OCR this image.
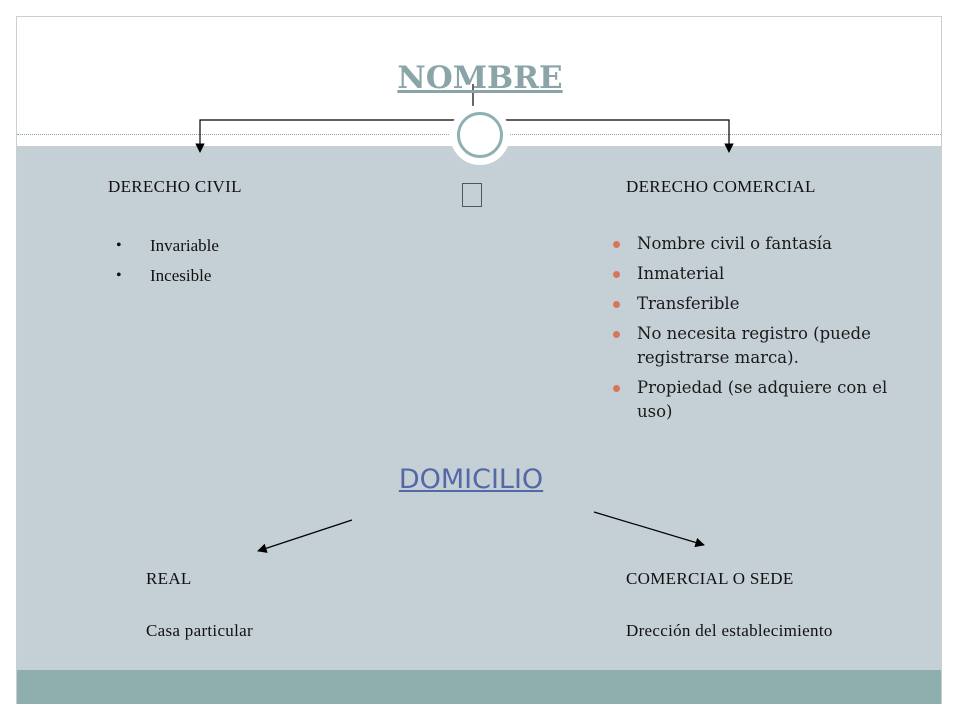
NOMBRE
DERECHO CIVIL	DERECHO COMERCIAL
• Invariable
• Incesible
Nombre civil o fantasía
Inmaterial
Transferible
No necesita registro (puede registrarse marca).
Propiedad (se adquiere con el uso)
DOMICILIO
REAL
Casa particular
COMERCIAL O SEDE
Drección del establecimiento
